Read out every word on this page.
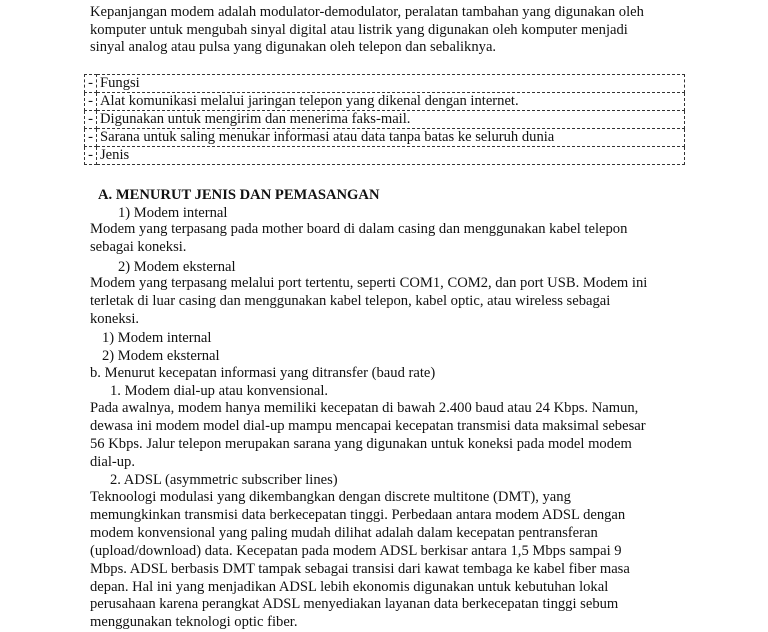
Kepanjangan modem adalah modulator-demodulator, peralatan tambahan yang digunakan oleh
komputer untuk mengubah sinyal digital atau listrik yang digunakan oleh komputer menjadi
sinyal analog atau pulsa yang digunakan oleh telepon dan sebaliknya.
-	Fungsi
-	Alat komunikasi melalui jaringan telepon yang dikenal dengan internet.
-	Digunakan untuk mengirim dan menerima faks-mail.
-	Sarana untuk saling menukar informasi atau data tanpa batas ke seluruh dunia
-	Jenis
A. MENURUT JENIS DAN PEMASANGAN
1) Modem internal
Modem yang terpasang pada mother board di dalam casing dan menggunakan kabel telepon
sebagai koneksi.
2) Modem eksternal
Modem yang terpasang melalui port tertentu, seperti COM1, COM2, dan port USB. Modem ini
terletak di luar casing dan menggunakan kabel telepon, kabel optic, atau wireless sebagai
koneksi.
1) Modem internal
2) Modem eksternal
b. Menurut kecepatan informasi yang ditransfer (baud rate)
1. Modem dial-up atau konvensional.
Pada awalnya, modem hanya memiliki kecepatan di bawah 2.400 baud atau 24 Kbps. Namun,
dewasa ini modem model dial-up mampu mencapai kecepatan transmisi data maksimal sebesar
56 Kbps. Jalur telepon merupakan sarana yang digunakan untuk koneksi pada model modem
dial-up.
2. ADSL (asymmetric subscriber lines)
Teknoologi modulasi yang dikembangkan dengan discrete multitone (DMT), yang
memungkinkan transmisi data berkecepatan tinggi. Perbedaan antara modem ADSL dengan
modem konvensional yang paling mudah dilihat adalah dalam kecepatan pentransferan
(upload/download) data. Kecepatan pada modem ADSL berkisar antara 1,5 Mbps sampai 9
Mbps. ADSL berbasis DMT tampak sebagai transisi dari kawat tembaga ke kabel fiber masa
depan. Hal ini yang menjadikan ADSL lebih ekonomis digunakan untuk kebutuhan lokal
perusahaan karena perangkat ADSL menyediakan layanan data berkecepatan tinggi sebum
menggunakan teknologi optic fiber.
